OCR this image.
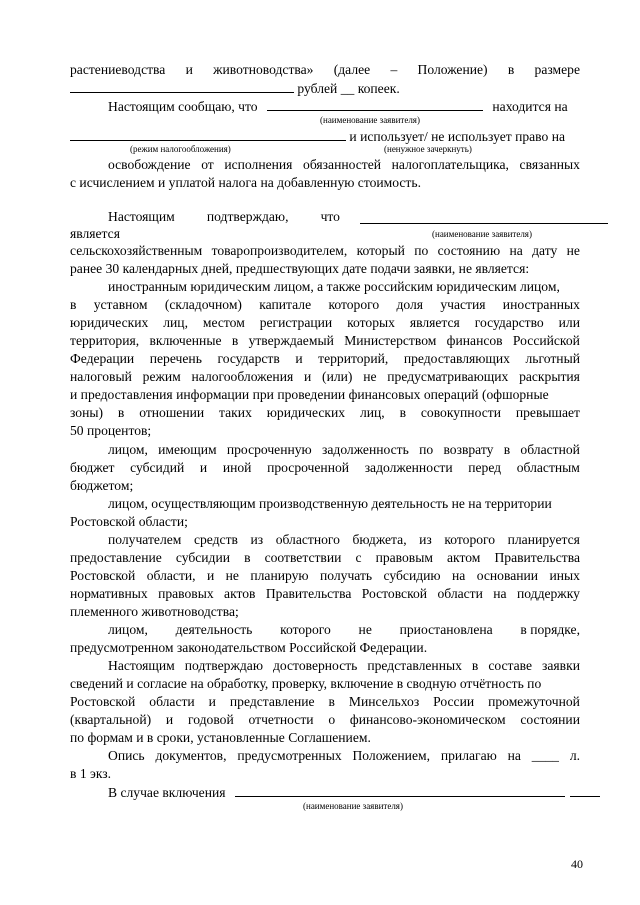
растениеводства и животноводства» (далее – Положение) в размере
рублей __ копеек.
Настоящим сообщаю, что	находится на
(наименование заявителя)
и использует/ не использует право на
(режим налогообложения)	(ненужное зачеркнуть)
освобождение от исполнения обязанностей налогоплательщика, связанных
с исчислением и уплатой налога на добавленную стоимость.
Настоящим подтверждаю, что
является	(наименование заявителя)
сельскохозяйственным товаропроизводителем, который по состоянию на дату не
ранее 30 календарных дней, предшествующих дате подачи заявки, не является:
иностранным юридическим лицом, а также российским юридическим лицом,
в уставном (складочном) капитале которого доля участия иностранных
юридических лиц, местом регистрации которых является государство или
территория, включенные в утверждаемый Министерством финансов Российской
Федерации перечень государств и территорий, предоставляющих льготный
налоговый режим налогообложения и (или) не предусматривающих раскрытия
и предоставления информации при проведении финансовых операций (офшорные
зоны) в отношении таких юридических лиц, в совокупности превышает
50 процентов;
лицом, имеющим просроченную задолженность по возврату в областной
бюджет субсидий и иной просроченной задолженности перед областным
бюджетом;
лицом, осуществляющим производственную деятельность не на территории
Ростовской области;
получателем средств из областного бюджета, из которого планируется
предоставление субсидии в соответствии с правовым актом Правительства
Ростовской области, и не планирую получать субсидию на основании иных
нормативных правовых актов Правительства Ростовской области на поддержку
племенного животноводства;
лицом, деятельность которого не приостановлена в порядке,
предусмотренном законодательством Российской Федерации.
Настоящим подтверждаю достоверность представленных в составе заявки
сведений и согласие на обработку, проверку, включение в сводную отчётность по
Ростовской области и представление в Минсельхоз России промежуточной
(квартальной) и годовой отчетности о финансово-экономическом состоянии
по формам и в сроки, установленные Соглашением.
Опись документов, предусмотренных Положением, прилагаю на ____ л.
в 1 экз.
В случае включения
(наименование заявителя)
40
